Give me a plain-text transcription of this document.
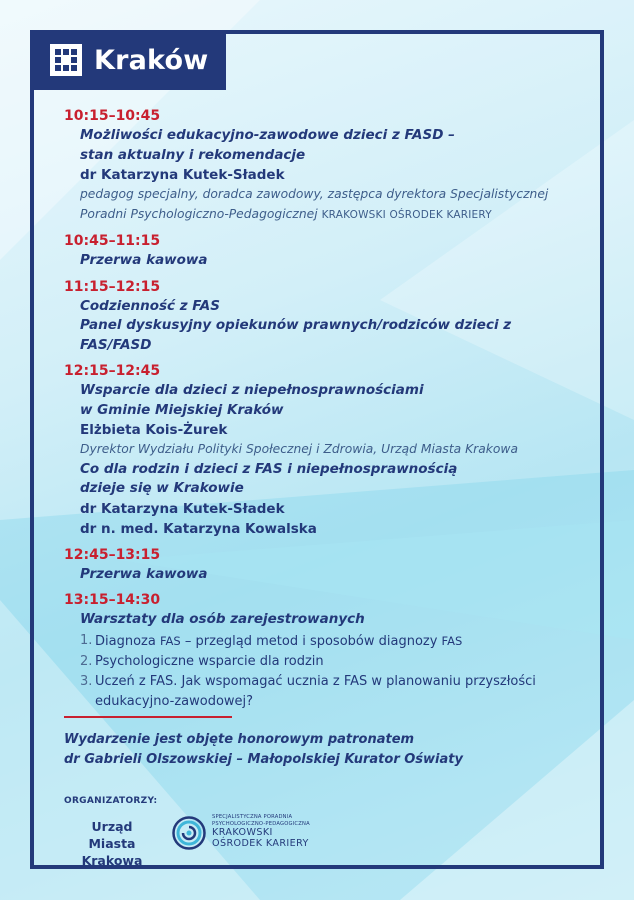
Kraków
10:15–10:45
Możliwości edukacyjno-zawodowe dzieci z FASD –
stan aktualny i rekomendacje
dr Katarzyna Kutek-Sładek
pedagog specjalny, doradca zawodowy, zastępca dyrektora Specjalistycznej
Poradni Psychologiczno-Pedagogicznej KRAKOWSKI OŚRODEK KARIERY
10:45–11:15
Przerwa kawowa
11:15–12:15
Codzienność z FAS
Panel dyskusyjny opiekunów prawnych/rodziców dzieci z FAS/FASD
12:15–12:45
Wsparcie dla dzieci z niepełnosprawnościami
w Gminie Miejskiej Kraków
Elżbieta Kois-Żurek
Dyrektor Wydziału Polityki Społecznej i Zdrowia, Urząd Miasta Krakowa
Co dla rodzin i dzieci z FAS i niepełnosprawnością
dzieje się w Krakowie
dr Katarzyna Kutek-Sładek
dr n. med. Katarzyna Kowalska
12:45–13:15
Przerwa kawowa
13:15–14:30
Warsztaty dla osób zarejestrowanych
1. Diagnoza FAS – przegląd metod i sposobów diagnozy FAS
2. Psychologiczne wsparcie dla rodzin
3. Uczeń z FAS. Jak wspomagać ucznia z FAS w planowaniu przyszłości
edukacyjno-zawodowej?
Wydarzenie jest objęte honorowym patronatem
dr Gabrieli Olszowskiej – Małopolskiej Kurator Oświaty
ORGANIZATORZY:
Urząd Miasta
Krakowa
SPECJALISTYCZNA PORADNIA
PSYCHOLOGICZNO-PEDAGOGICZNA
KRAKOWSKI
OŚRODEK KARIERY
